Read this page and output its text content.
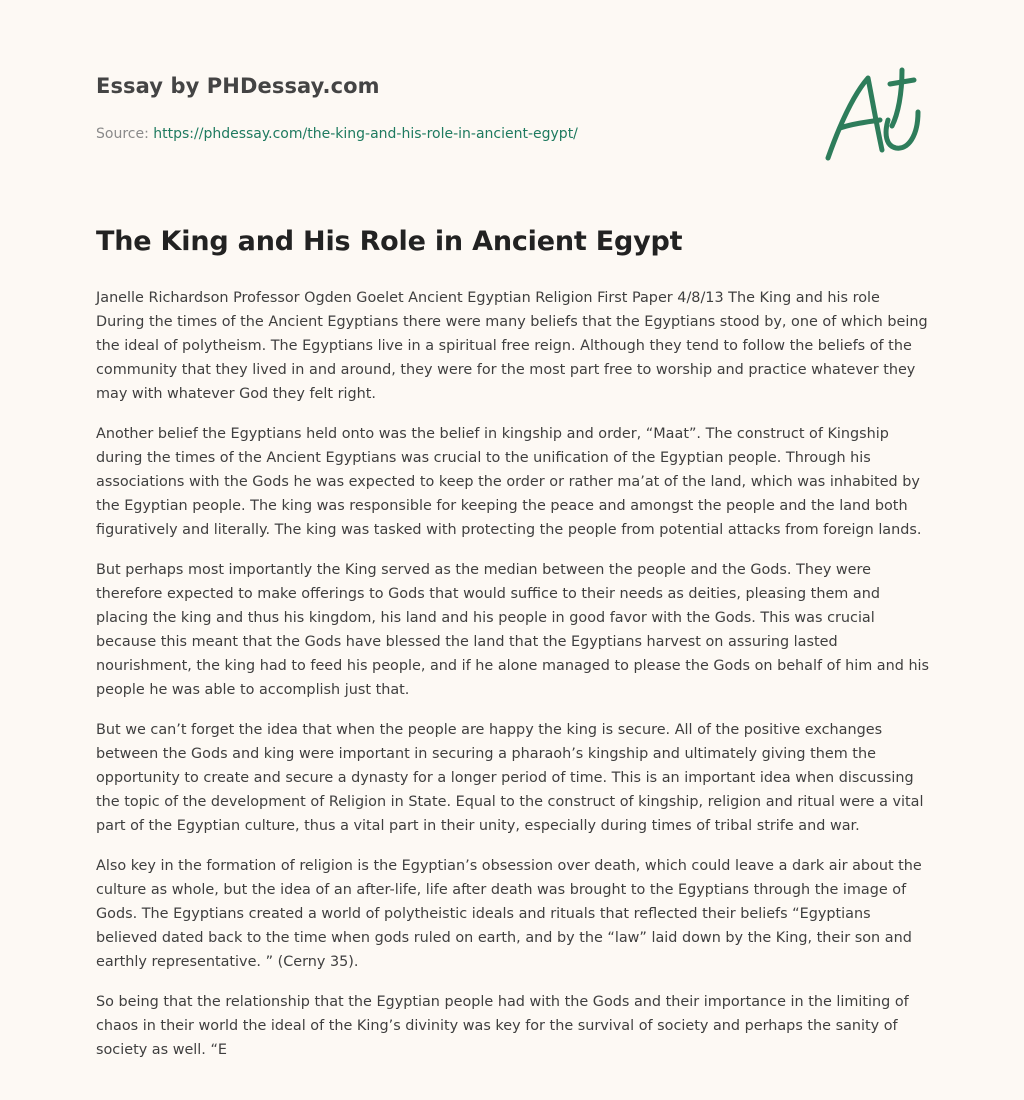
Essay by PHDessay.com
Source: https://phdessay.com/the-king-and-his-role-in-ancient-egypt/
The King and His Role in Ancient Egypt

Janelle Richardson Professor Ogden Goelet Ancient Egyptian Religion First Paper 4/8/13 The King and his role During the times of the Ancient Egyptians there were many beliefs that the Egyptians stood by, one of which being the ideal of polytheism. The Egyptians live in a spiritual free reign. Although they tend to follow the beliefs of the community that they lived in and around, they were for the most part free to worship and practice whatever they may with whatever God they felt right.

Another belief the Egyptians held onto was the belief in kingship and order, “Maat”. The construct of Kingship during the times of the Ancient Egyptians was crucial to the unification of the Egyptian people. Through his associations with the Gods he was expected to keep the order or rather ma’at of the land, which was inhabited by the Egyptian people. The king was responsible for keeping the peace and amongst the people and the land both figuratively and literally. The king was tasked with protecting the people from potential attacks from foreign lands.

But perhaps most importantly the King served as the median between the people and the Gods. They were therefore expected to make offerings to Gods that would suffice to their needs as deities, pleasing them and placing the king and thus his kingdom, his land and his people in good favor with the Gods. This was crucial because this meant that the Gods have blessed the land that the Egyptians harvest on assuring lasted nourishment, the king had to feed his people, and if he alone managed to please the Gods on behalf of him and his people he was able to accomplish just that.

But we can’t forget the idea that when the people are happy the king is secure. All of the positive exchanges between the Gods and king were important in securing a pharaoh’s kingship and ultimately giving them the opportunity to create and secure a dynasty for a longer period of time. This is an important idea when discussing the topic of the development of Religion in State. Equal to the construct of kingship, religion and ritual were a vital part of the Egyptian culture, thus a vital part in their unity, especially during times of tribal strife and war.

Also key in the formation of religion is the Egyptian’s obsession over death, which could leave a dark air about the culture as whole, but the idea of an after-life, life after death was brought to the Egyptians through the image of Gods. The Egyptians created a world of polytheistic ideals and rituals that reflected their beliefs “Egyptians believed dated back to the time when gods ruled on earth, and by the “law” laid down by the King, their son and earthly representative. ” (Cerny 35).

So being that the relationship that the Egyptian people had with the Gods and their importance in the limiting of chaos in their world the ideal of the King’s divinity was key for the survival of society and perhaps the sanity of society as well. “E
